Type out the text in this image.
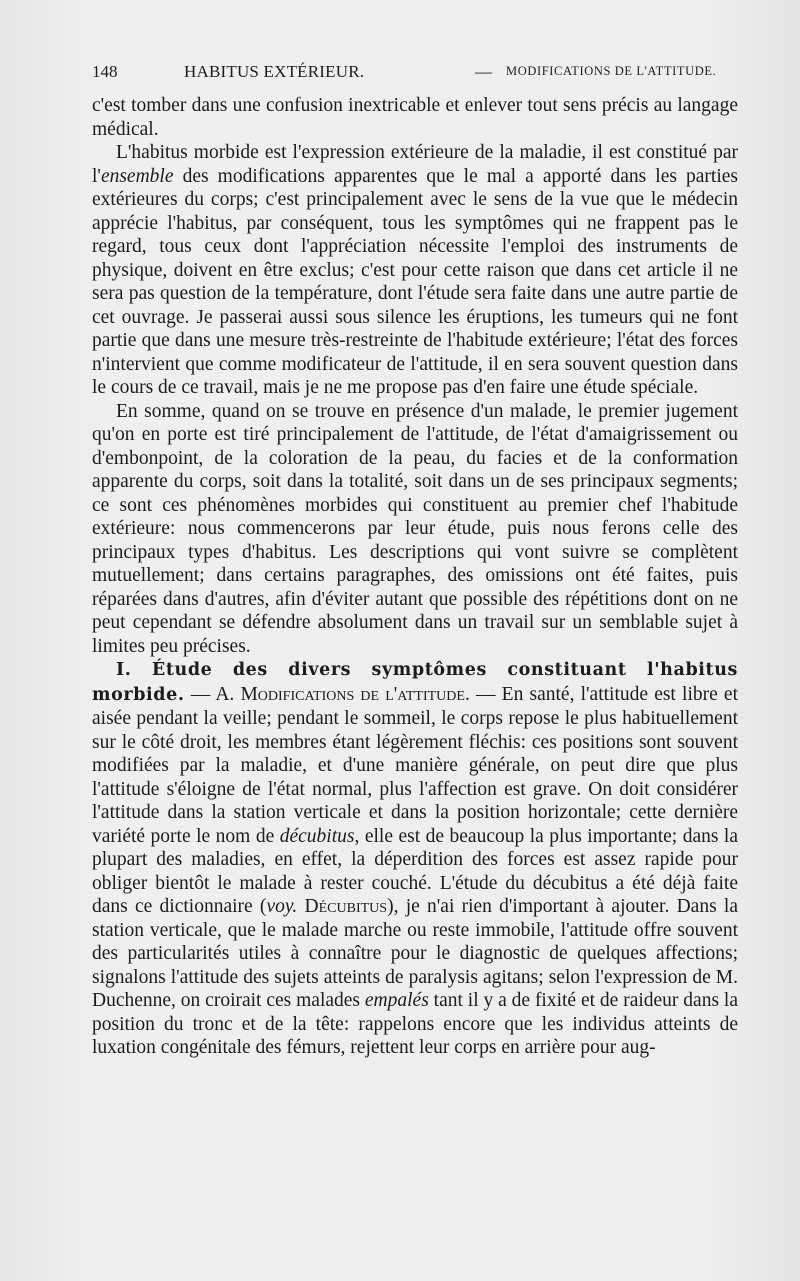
148	HABITUS EXTÉRIEUR.	— MODIFICATIONS DE L'ATTITUDE.

c'est tomber dans une confusion inextricable et enlever tout sens précis au langage médical.

L'habitus morbide est l'expression extérieure de la maladie, il est constitué par l'ensemble des modifications apparentes que le mal a apporté dans les parties extérieures du corps; c'est principalement avec le sens de la vue que le médecin apprécie l'habitus, par conséquent, tous les symptômes qui ne frappent pas le regard, tous ceux dont l'appréciation nécessite l'emploi des instruments de physique, doivent en être exclus; c'est pour cette raison que dans cet article il ne sera pas question de la température, dont l'étude sera faite dans une autre partie de cet ouvrage. Je passerai aussi sous silence les éruptions, les tumeurs qui ne font partie que dans une mesure très-restreinte de l'habitude extérieure; l'état des forces n'intervient que comme modificateur de l'attitude, il en sera souvent question dans le cours de ce travail, mais je ne me propose pas d'en faire une étude spéciale.

En somme, quand on se trouve en présence d'un malade, le premier jugement qu'on en porte est tiré principalement de l'attitude, de l'état d'amaigrissement ou d'embonpoint, de la coloration de la peau, du facies et de la conformation apparente du corps, soit dans la totalité, soit dans un de ses principaux segments; ce sont ces phénomènes morbides qui constituent au premier chef l'habitude extérieure: nous commencerons par leur étude, puis nous ferons celle des principaux types d'habitus. Les descriptions qui vont suivre se complètent mutuellement; dans certains paragraphes, des omissions ont été faites, puis réparées dans d'autres, afin d'éviter autant que possible des répétitions dont on ne peut cependant se défendre absolument dans un travail sur un semblable sujet à limites peu précises.

I. Étude des divers symptômes constituant l'habitus morbide. — A. Modifications de l'attitude. — En santé, l'attitude est libre et aisée pendant la veille; pendant le sommeil, le corps repose le plus habituellement sur le côté droit, les membres étant légèrement fléchis: ces positions sont souvent modifiées par la maladie, et d'une manière générale, on peut dire que plus l'attitude s'éloigne de l'état normal, plus l'affection est grave. On doit considérer l'attitude dans la station verticale et dans la position horizontale; cette dernière variété porte le nom de décubitus, elle est de beaucoup la plus importante; dans la plupart des maladies, en effet, la déperdition des forces est assez rapide pour obliger bientôt le malade à rester couché. L'étude du décubitus a été déjà faite dans ce dictionnaire (voy. Décubitus), je n'ai rien d'important à ajouter. Dans la station verticale, que le malade marche ou reste immobile, l'attitude offre souvent des particularités utiles à connaître pour le diagnostic de quelques affections; signalons l'attitude des sujets atteints de paralysis agitans; selon l'expression de M. Duchenne, on croirait ces malades empalés tant il y a de fixité et de raideur dans la position du tronc et de la tête: rappelons encore que les individus atteints de luxation congénitale des fémurs, rejettent leur corps en arrière pour aug-
